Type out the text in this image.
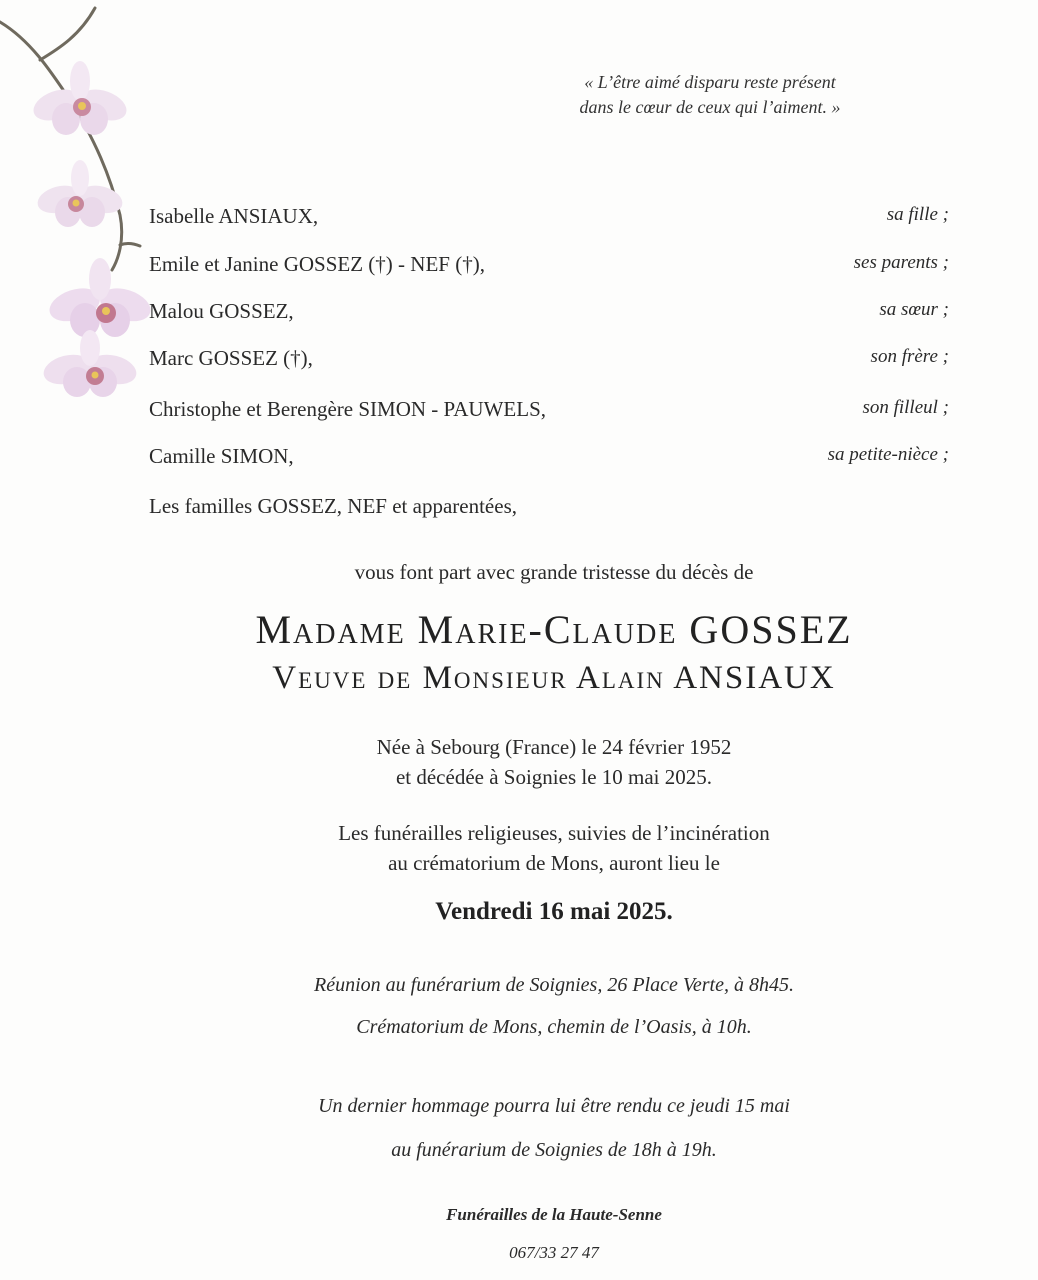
« L’être aimé disparu reste présent
dans le cœur de ceux qui l’aiment. »
Isabelle ANSIAUX,	sa fille ;
Emile et Janine GOSSEZ (†) - NEF (†),	ses parents ;
Malou GOSSEZ,	sa sœur ;
Marc GOSSEZ (†),	son frère ;
Christophe et Berengère SIMON - PAUWELS,	son filleul ;
Camille SIMON,	sa petite-nièce ;
Les familles GOSSEZ, NEF et apparentées,
vous font part avec grande tristesse du décès de
Madame Marie-Claude GOSSEZ
Veuve de Monsieur Alain ANSIAUX
Née à Sebourg (France) le 24 février 1952
et décédée à Soignies le 10 mai 2025.
Les funérailles religieuses, suivies de l’incinération
au crématorium de Mons, auront lieu le
Vendredi 16 mai 2025.
Réunion au funérarium de Soignies, 26 Place Verte, à 8h45.
Crématorium de Mons, chemin de l’Oasis, à 10h.
Un dernier hommage pourra lui être rendu ce jeudi 15 mai
au funérarium de Soignies de 18h à 19h.
Funérailles de la Haute-Senne
067/33 27 47
